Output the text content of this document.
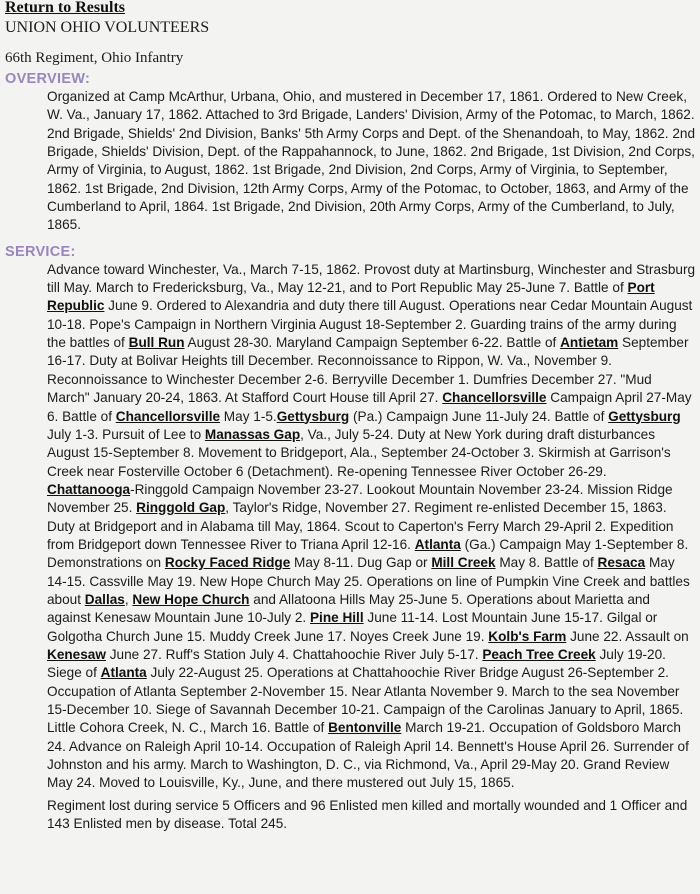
Return to Results
UNION OHIO VOLUNTEERS
66th Regiment, Ohio Infantry
OVERVIEW:
Organized at Camp McArthur, Urbana, Ohio, and mustered in December 17, 1861. Ordered to New Creek, W. Va., January 17, 1862. Attached to 3rd Brigade, Landers' Division, Army of the Potomac, to March, 1862. 2nd Brigade, Shields' 2nd Division, Banks' 5th Army Corps and Dept. of the Shenandoah, to May, 1862. 2nd Brigade, Shields' Division, Dept. of the Rappahannock, to June, 1862. 2nd Brigade, 1st Division, 2nd Corps, Army of Virginia, to August, 1862. 1st Brigade, 2nd Division, 2nd Corps, Army of Virginia, to September, 1862. 1st Brigade, 2nd Division, 12th Army Corps, Army of the Potomac, to October, 1863, and Army of the Cumberland to April, 1864. 1st Brigade, 2nd Division, 20th Army Corps, Army of the Cumberland, to July, 1865.
SERVICE:
Advance toward Winchester, Va., March 7-15, 1862. Provost duty at Martinsburg, Winchester and Strasburg till May. March to Fredericksburg, Va., May 12-21, and to Port Republic May 25-June 7. Battle of Port Republic June 9. Ordered to Alexandria and duty there till August. Operations near Cedar Mountain August 10-18. Pope's Campaign in Northern Virginia August 18-September 2. Guarding trains of the army during the battles of Bull Run August 28-30. Maryland Campaign September 6-22. Battle of Antietam September 16-17. Duty at Bolivar Heights till December. Reconnoissance to Rippon, W. Va., November 9. Reconnoissance to Winchester December 2-6. Berryville December 1. Dumfries December 27. "Mud March" January 20-24, 1863. At Stafford Court House till April 27. Chancellorsville Campaign April 27-May 6. Battle of Chancellorsville May 1-5.Gettysburg (Pa.) Campaign June 11-July 24. Battle of Gettysburg July 1-3. Pursuit of Lee to Manassas Gap, Va., July 5-24. Duty at New York during draft disturbances August 15-September 8. Movement to Bridgeport, Ala., September 24-October 3. Skirmish at Garrison's Creek near Fosterville October 6 (Detachment). Re-opening Tennessee River October 26-29. Chattanooga-Ringgold Campaign November 23-27. Lookout Mountain November 23-24. Mission Ridge November 25. Ringgold Gap, Taylor's Ridge, November 27. Regiment re-enlisted December 15, 1863. Duty at Bridgeport and in Alabama till May, 1864. Scout to Caperton's Ferry March 29-April 2. Expedition from Bridgeport down Tennessee River to Triana April 12-16. Atlanta (Ga.) Campaign May 1-September 8. Demonstrations on Rocky Faced Ridge May 8-11. Dug Gap or Mill Creek May 8. Battle of Resaca May 14-15. Cassville May 19. New Hope Church May 25. Operations on line of Pumpkin Vine Creek and battles about Dallas, New Hope Church and Allatoona Hills May 25-June 5. Operations about Marietta and against Kenesaw Mountain June 10-July 2. Pine Hill June 11-14. Lost Mountain June 15-17. Gilgal or Golgotha Church June 15. Muddy Creek June 17. Noyes Creek June 19. Kolb's Farm June 22. Assault on Kenesaw June 27. Ruff's Station July 4. Chattahoochie River July 5-17. Peach Tree Creek July 19-20. Siege of Atlanta July 22-August 25. Operations at Chattahoochie River Bridge August 26-September 2. Occupation of Atlanta September 2-November 15. Near Atlanta November 9. March to the sea November 15-December 10. Siege of Savannah December 10-21. Campaign of the Carolinas January to April, 1865. Little Cohora Creek, N. C., March 16. Battle of Bentonville March 19-21. Occupation of Goldsboro March 24. Advance on Raleigh April 10-14. Occupation of Raleigh April 14. Bennett's House April 26. Surrender of Johnston and his army. March to Washington, D. C., via Richmond, Va., April 29-May 20. Grand Review May 24. Moved to Louisville, Ky., June, and there mustered out July 15, 1865.
Regiment lost during service 5 Officers and 96 Enlisted men killed and mortally wounded and 1 Officer and 143 Enlisted men by disease. Total 245.
